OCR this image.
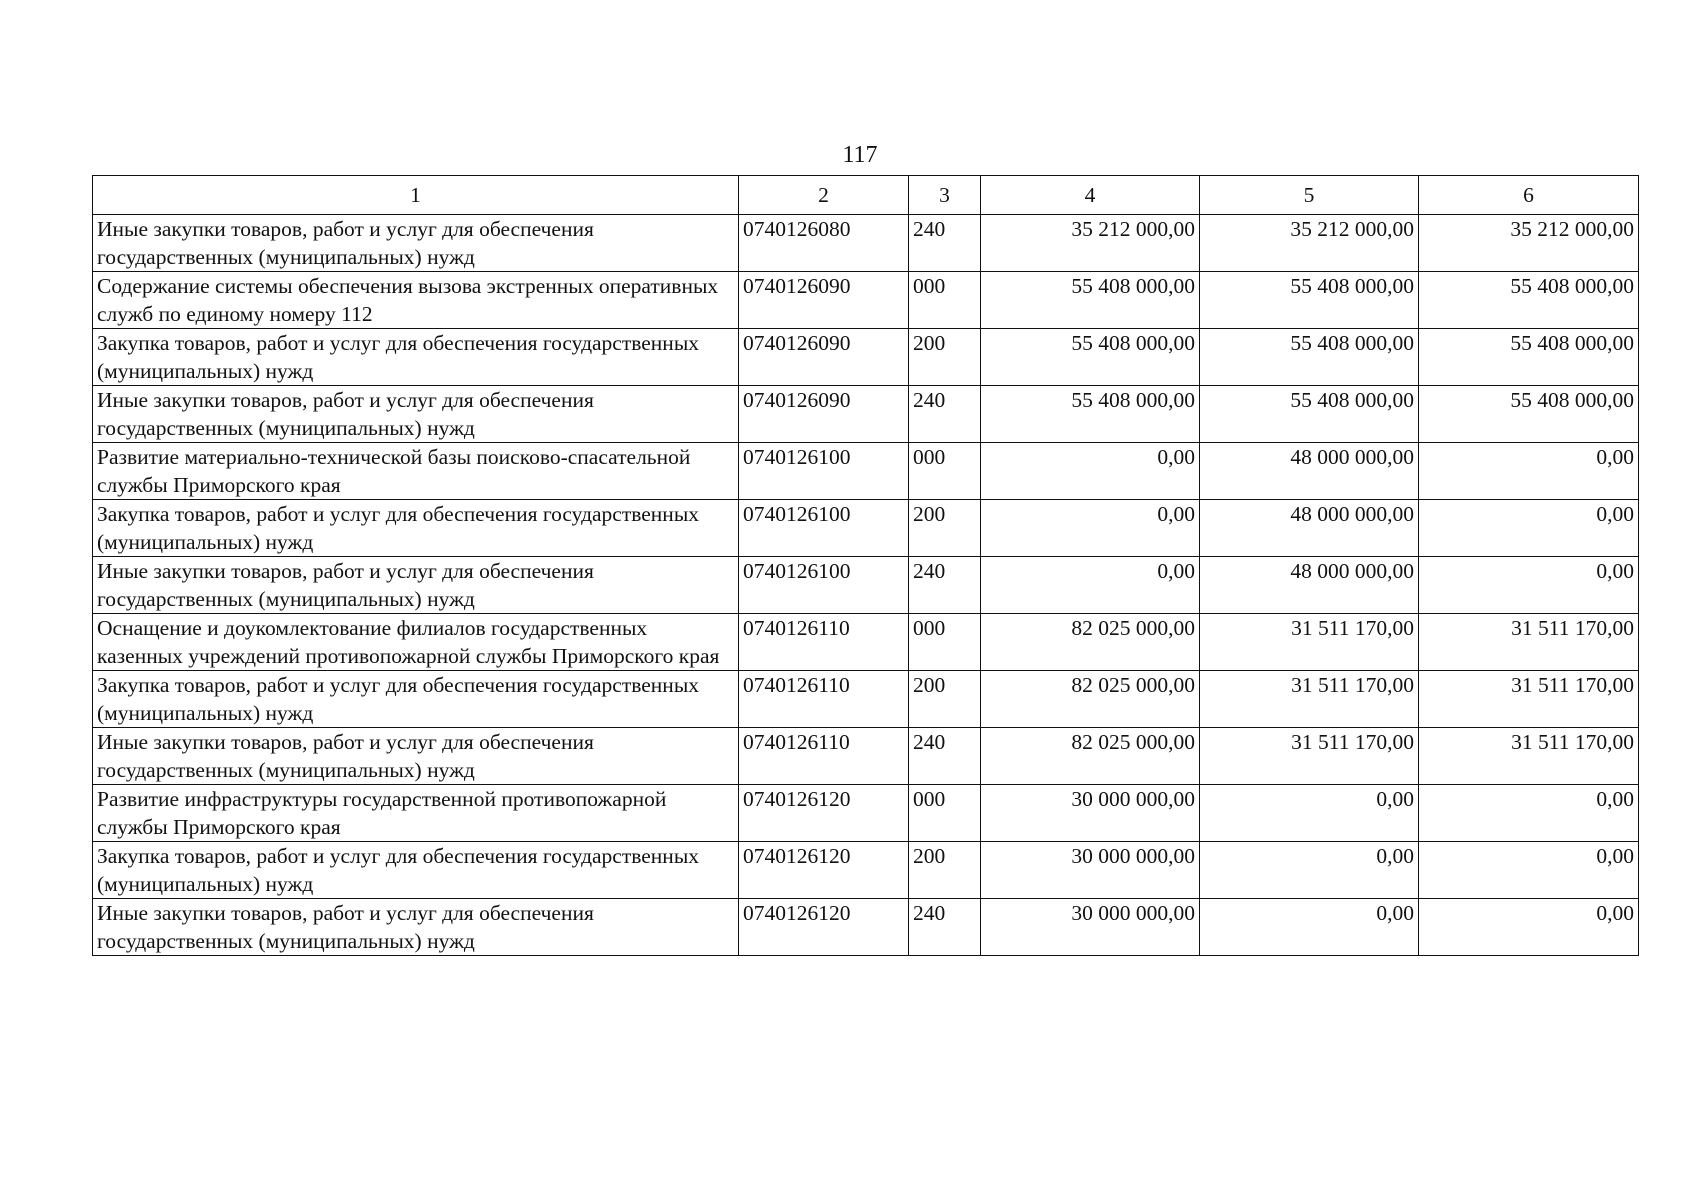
117
1	2	3	4	5	6
Иные закупки товаров, работ и услуг для обеспечения государственных (муниципальных) нужд	0740126080	240	35 212 000,00	35 212 000,00	35 212 000,00
Содержание системы обеспечения вызова экстренных оперативных служб по единому номеру 112	0740126090	000	55 408 000,00	55 408 000,00	55 408 000,00
Закупка товаров, работ и услуг для обеспечения государственных (муниципальных) нужд	0740126090	200	55 408 000,00	55 408 000,00	55 408 000,00
Иные закупки товаров, работ и услуг для обеспечения государственных (муниципальных) нужд	0740126090	240	55 408 000,00	55 408 000,00	55 408 000,00
Развитие материально-технической базы поисково-спасательной службы Приморского края	0740126100	000	0,00	48 000 000,00	0,00
Закупка товаров, работ и услуг для обеспечения государственных (муниципальных) нужд	0740126100	200	0,00	48 000 000,00	0,00
Иные закупки товаров, работ и услуг для обеспечения государственных (муниципальных) нужд	0740126100	240	0,00	48 000 000,00	0,00
Оснащение и доукомлектование филиалов государственных казенных учреждений противопожарной службы Приморского края	0740126110	000	82 025 000,00	31 511 170,00	31 511 170,00
Закупка товаров, работ и услуг для обеспечения государственных (муниципальных) нужд	0740126110	200	82 025 000,00	31 511 170,00	31 511 170,00
Иные закупки товаров, работ и услуг для обеспечения государственных (муниципальных) нужд	0740126110	240	82 025 000,00	31 511 170,00	31 511 170,00
Развитие инфраструктуры государственной противопожарной службы Приморского края	0740126120	000	30 000 000,00	0,00	0,00
Закупка товаров, работ и услуг для обеспечения государственных (муниципальных) нужд	0740126120	200	30 000 000,00	0,00	0,00
Иные закупки товаров, работ и услуг для обеспечения государственных (муниципальных) нужд	0740126120	240	30 000 000,00	0,00	0,00
